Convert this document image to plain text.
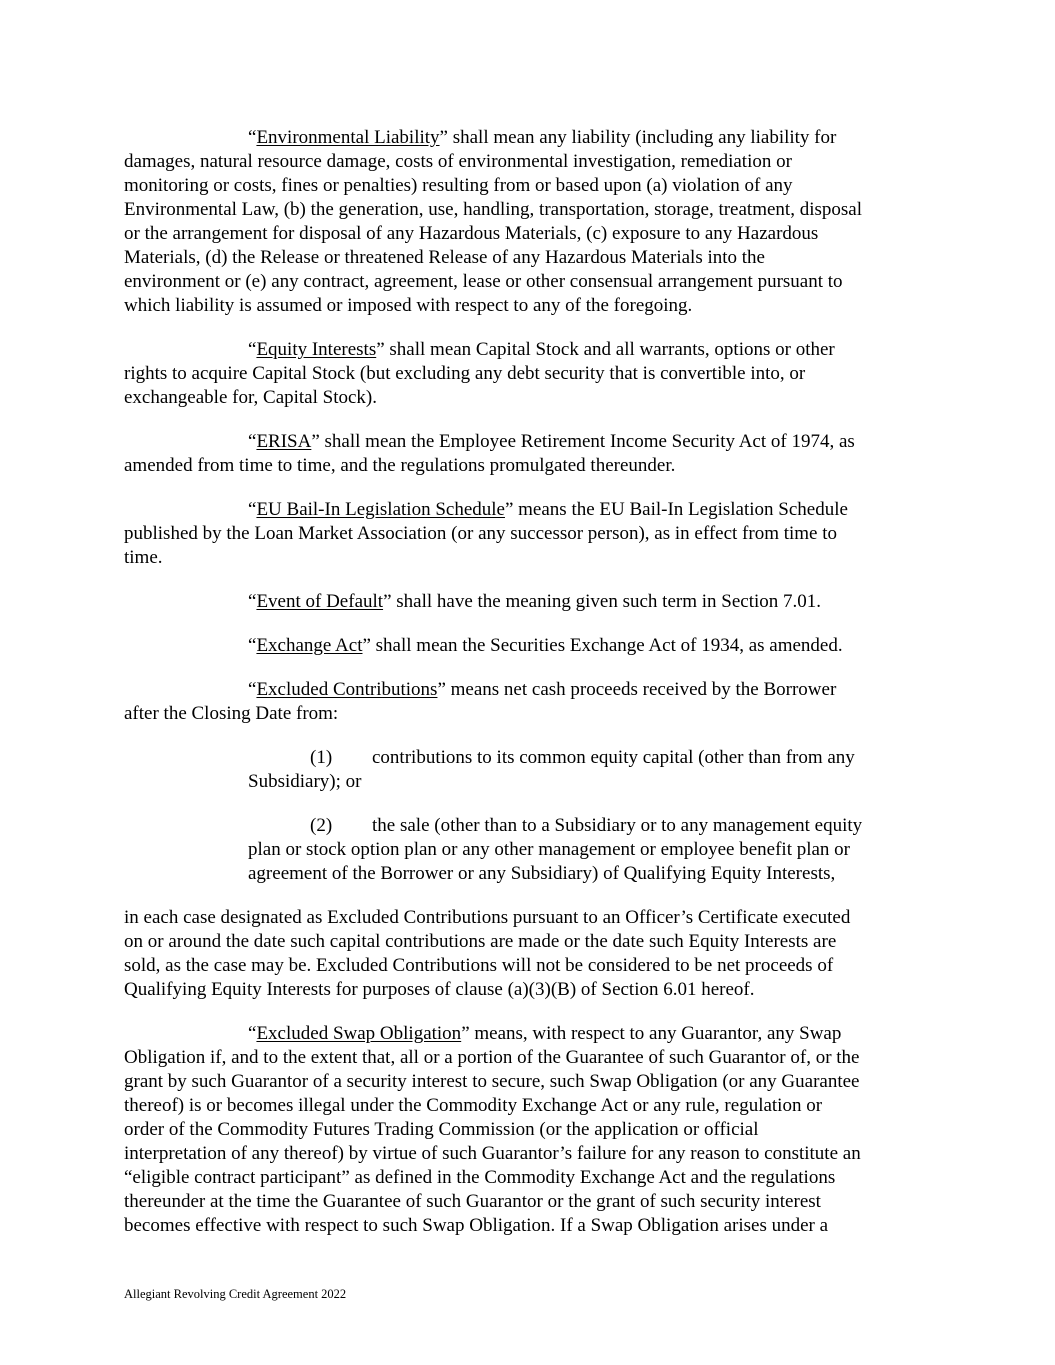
“Environmental Liability” shall mean any liability (including any liability for
damages, natural resource damage, costs of environmental investigation, remediation or
monitoring or costs, fines or penalties) resulting from or based upon (a) violation of any
Environmental Law, (b) the generation, use, handling, transportation, storage, treatment, disposal
or the arrangement for disposal of any Hazardous Materials, (c) exposure to any Hazardous
Materials, (d) the Release or threatened Release of any Hazardous Materials into the
environment or (e) any contract, agreement, lease or other consensual arrangement pursuant to
which liability is assumed or imposed with respect to any of the foregoing.
“Equity Interests” shall mean Capital Stock and all warrants, options or other
rights to acquire Capital Stock (but excluding any debt security that is convertible into, or
exchangeable for, Capital Stock).
“ERISA” shall mean the Employee Retirement Income Security Act of 1974, as
amended from time to time, and the regulations promulgated thereunder.
“EU Bail-In Legislation Schedule” means the EU Bail-In Legislation Schedule
published by the Loan Market Association (or any successor person), as in effect from time to
time.
“Event of Default” shall have the meaning given such term in Section 7.01.
“Exchange Act” shall mean the Securities Exchange Act of 1934, as amended.
“Excluded Contributions” means net cash proceeds received by the Borrower
after the Closing Date from:
(1) contributions to its common equity capital (other than from any
Subsidiary); or
(2) the sale (other than to a Subsidiary or to any management equity
plan or stock option plan or any other management or employee benefit plan or
agreement of the Borrower or any Subsidiary) of Qualifying Equity Interests,
in each case designated as Excluded Contributions pursuant to an Officer’s Certificate executed
on or around the date such capital contributions are made or the date such Equity Interests are
sold, as the case may be. Excluded Contributions will not be considered to be net proceeds of
Qualifying Equity Interests for purposes of clause (a)(3)(B) of Section 6.01 hereof.
“Excluded Swap Obligation” means, with respect to any Guarantor, any Swap
Obligation if, and to the extent that, all or a portion of the Guarantee of such Guarantor of, or the
grant by such Guarantor of a security interest to secure, such Swap Obligation (or any Guarantee
thereof) is or becomes illegal under the Commodity Exchange Act or any rule, regulation or
order of the Commodity Futures Trading Commission (or the application or official
interpretation of any thereof) by virtue of such Guarantor’s failure for any reason to constitute an
“eligible contract participant” as defined in the Commodity Exchange Act and the regulations
thereunder at the time the Guarantee of such Guarantor or the grant of such security interest
becomes effective with respect to such Swap Obligation. If a Swap Obligation arises under a
Allegiant Revolving Credit Agreement 2022
